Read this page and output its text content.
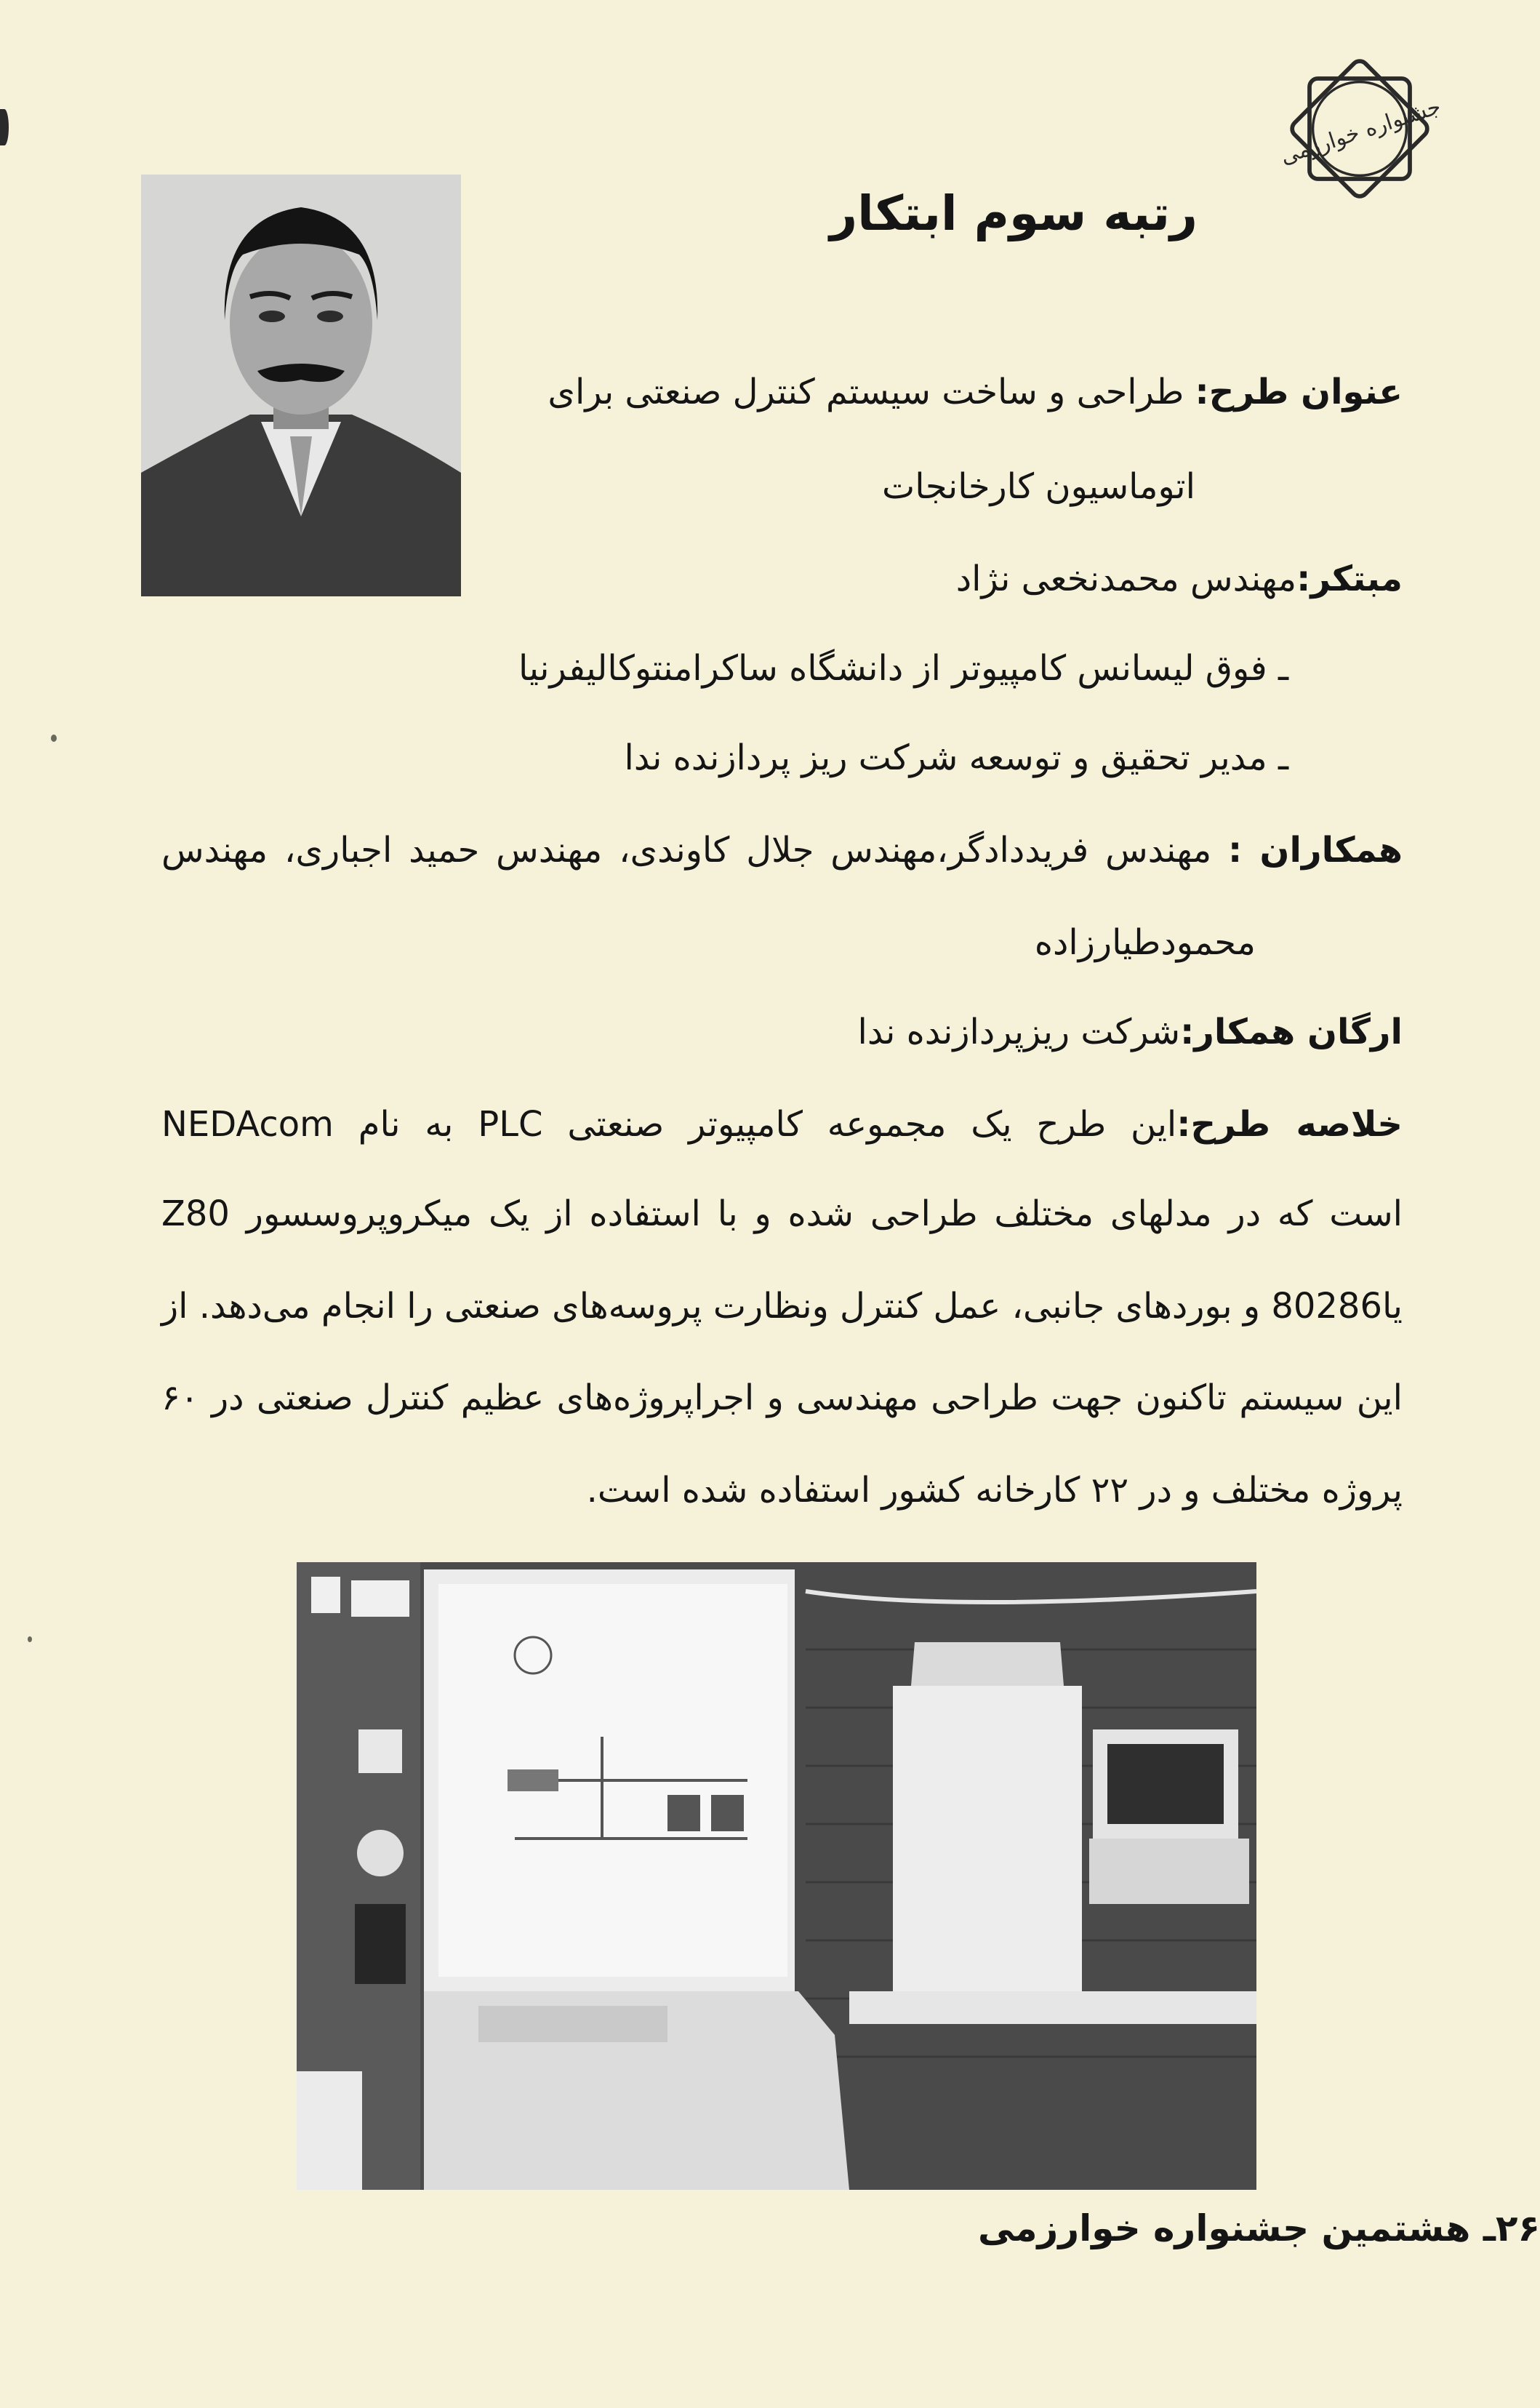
جشنواره خوارزمی
رتبه سوم ابتکار
عنوان طرح: طراحی و ساخت سیستم کنترل صنعتی برای
اتوماسیون کارخانجات
مبتکر:مهندس محمدنخعی نژاد
ـ فوق لیسانس کامپیوتر از دانشگاه ساکرامنتوکالیفرنیا
ـ مدیر تحقیق و توسعه شرکت ریز پردازنده ندا
همکاران : مهندس فریددادگر،مهندس جلال کاوندی، مهندس حمید اجباری، مهندس
محمودطیارزاده
ارگان همکار:شرکت ریزپردازنده ندا
خلاصه طرح:این طرح یک مجموعه کامپیوتر صنعتی PLC به نام NEDAcom
است که در مدلهای مختلف طراحی شده و با استفاده از یک میکروپروسسور Z80
یا80286 و بوردهای جانبی، عمل کنترل ونظارت پروسه‌های صنعتی را انجام می‌دهد. از
این سیستم تاکنون جهت طراحی مهندسی و اجراپروژه‌های عظیم کنترل صنعتی در ۶۰
پروژه مختلف و در ۲۲ کارخانه کشور استفاده شده است.
۲۶ـ هشتمین جشنواره خوارزمی
